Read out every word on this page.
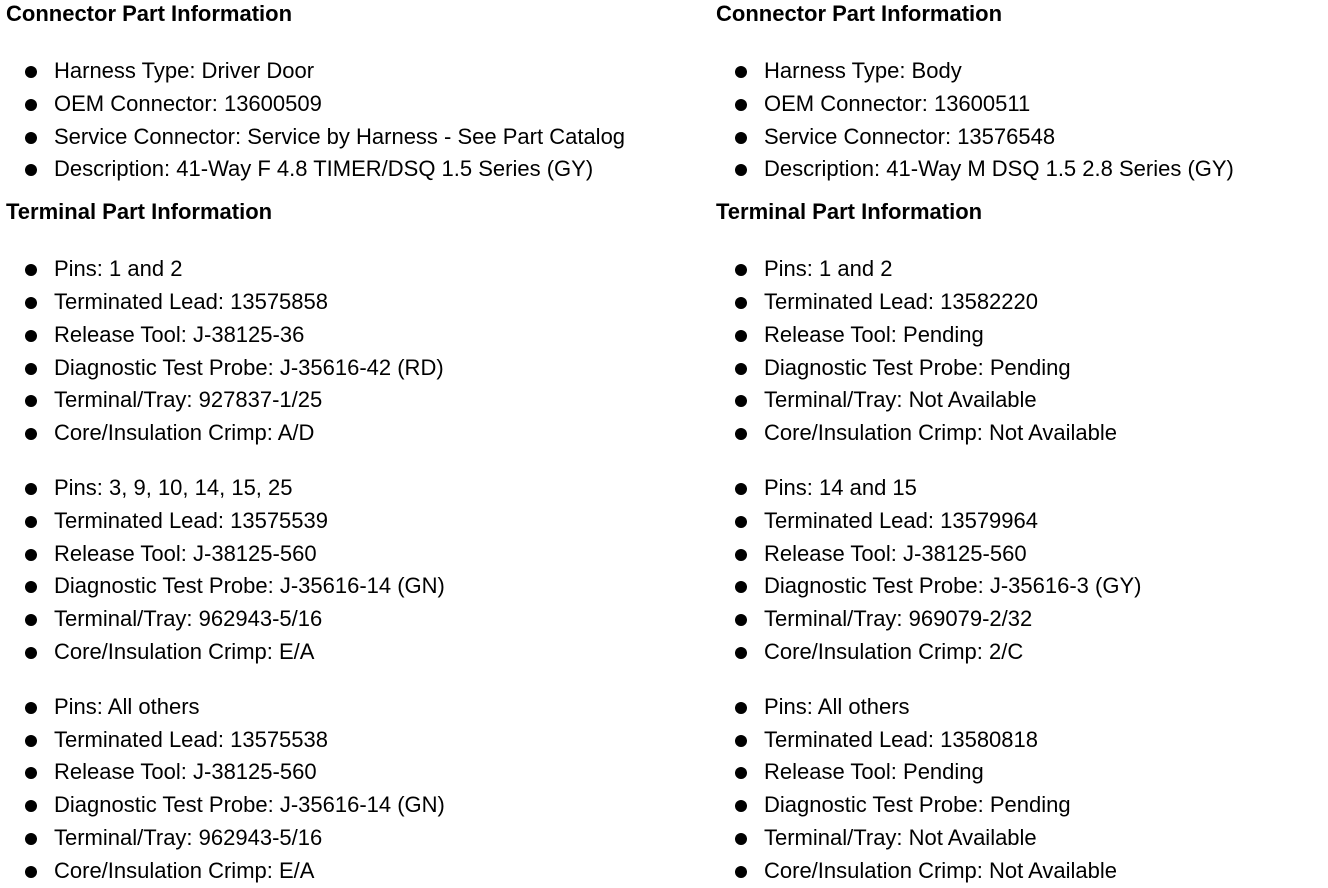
Connector Part Information
Harness Type: Driver Door
OEM Connector: 13600509
Service Connector: Service by Harness - See Part Catalog
Description: 41-Way F 4.8 TIMER/DSQ 1.5 Series (GY)
Terminal Part Information
Pins: 1 and 2
Terminated Lead: 13575858
Release Tool: J-38125-36
Diagnostic Test Probe: J-35616-42 (RD)
Terminal/Tray: 927837-1/25
Core/Insulation Crimp: A/D
Pins: 3, 9, 10, 14, 15, 25
Terminated Lead: 13575539
Release Tool: J-38125-560
Diagnostic Test Probe: J-35616-14 (GN)
Terminal/Tray: 962943-5/16
Core/Insulation Crimp: E/A
Pins: All others
Terminated Lead: 13575538
Release Tool: J-38125-560
Diagnostic Test Probe: J-35616-14 (GN)
Terminal/Tray: 962943-5/16
Core/Insulation Crimp: E/A
Connector Part Information
Harness Type: Body
OEM Connector: 13600511
Service Connector: 13576548
Description: 41-Way M DSQ 1.5 2.8 Series (GY)
Terminal Part Information
Pins: 1 and 2
Terminated Lead: 13582220
Release Tool: Pending
Diagnostic Test Probe: Pending
Terminal/Tray: Not Available
Core/Insulation Crimp: Not Available
Pins: 14 and 15
Terminated Lead: 13579964
Release Tool: J-38125-560
Diagnostic Test Probe: J-35616-3 (GY)
Terminal/Tray: 969079-2/32
Core/Insulation Crimp: 2/C
Pins: All others
Terminated Lead: 13580818
Release Tool: Pending
Diagnostic Test Probe: Pending
Terminal/Tray: Not Available
Core/Insulation Crimp: Not Available
